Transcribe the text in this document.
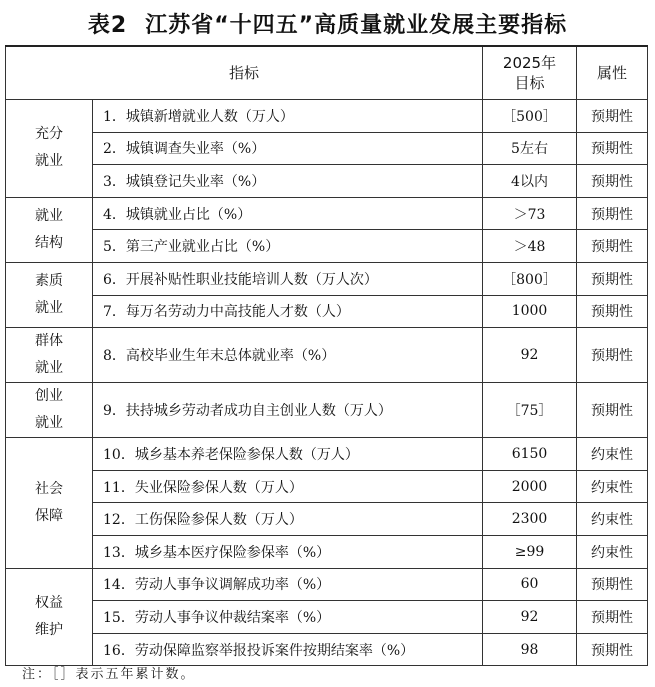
表2 江苏省“十四五”高质量就业发展主要指标
指标		2025年
目标	属性

充分
就业	1．城镇新增就业人数（万人）	［500］	预期性
	2．城镇调查失业率（%）	5左右	预期性
	3．城镇登记失业率（%）	4以内	预期性

就业
结构	4．城镇就业占比（%）	＞73	预期性
	5．第三产业就业占比（%）	＞48	预期性

素质
就业	6．开展补贴性职业技能培训人数（万人次）	［800］	预期性
	7．每万名劳动力中高技能人才数（人）	1000	预期性

群体
就业	8．高校毕业生年末总体就业率（%）	92	预期性

创业
就业	9．扶持城乡劳动者成功自主创业人数（万人）	［75］	预期性

社会
保障	10．城乡基本养老保险参保人数（万人）	6150	约束性
	11．失业保险参保人数（万人）	2000	约束性
	12．工伤保险参保人数（万人）	2300	约束性
	13．城乡基本医疗保险参保率（%）	≥99	约束性

权益
维护	14．劳动人事争议调解成功率（%）	60	预期性
	15．劳动人事争议仲裁结案率（%）	92	预期性
	16．劳动保障监察举报投诉案件按期结案率（%）	98	预期性
注：［］表示五年累计数。
